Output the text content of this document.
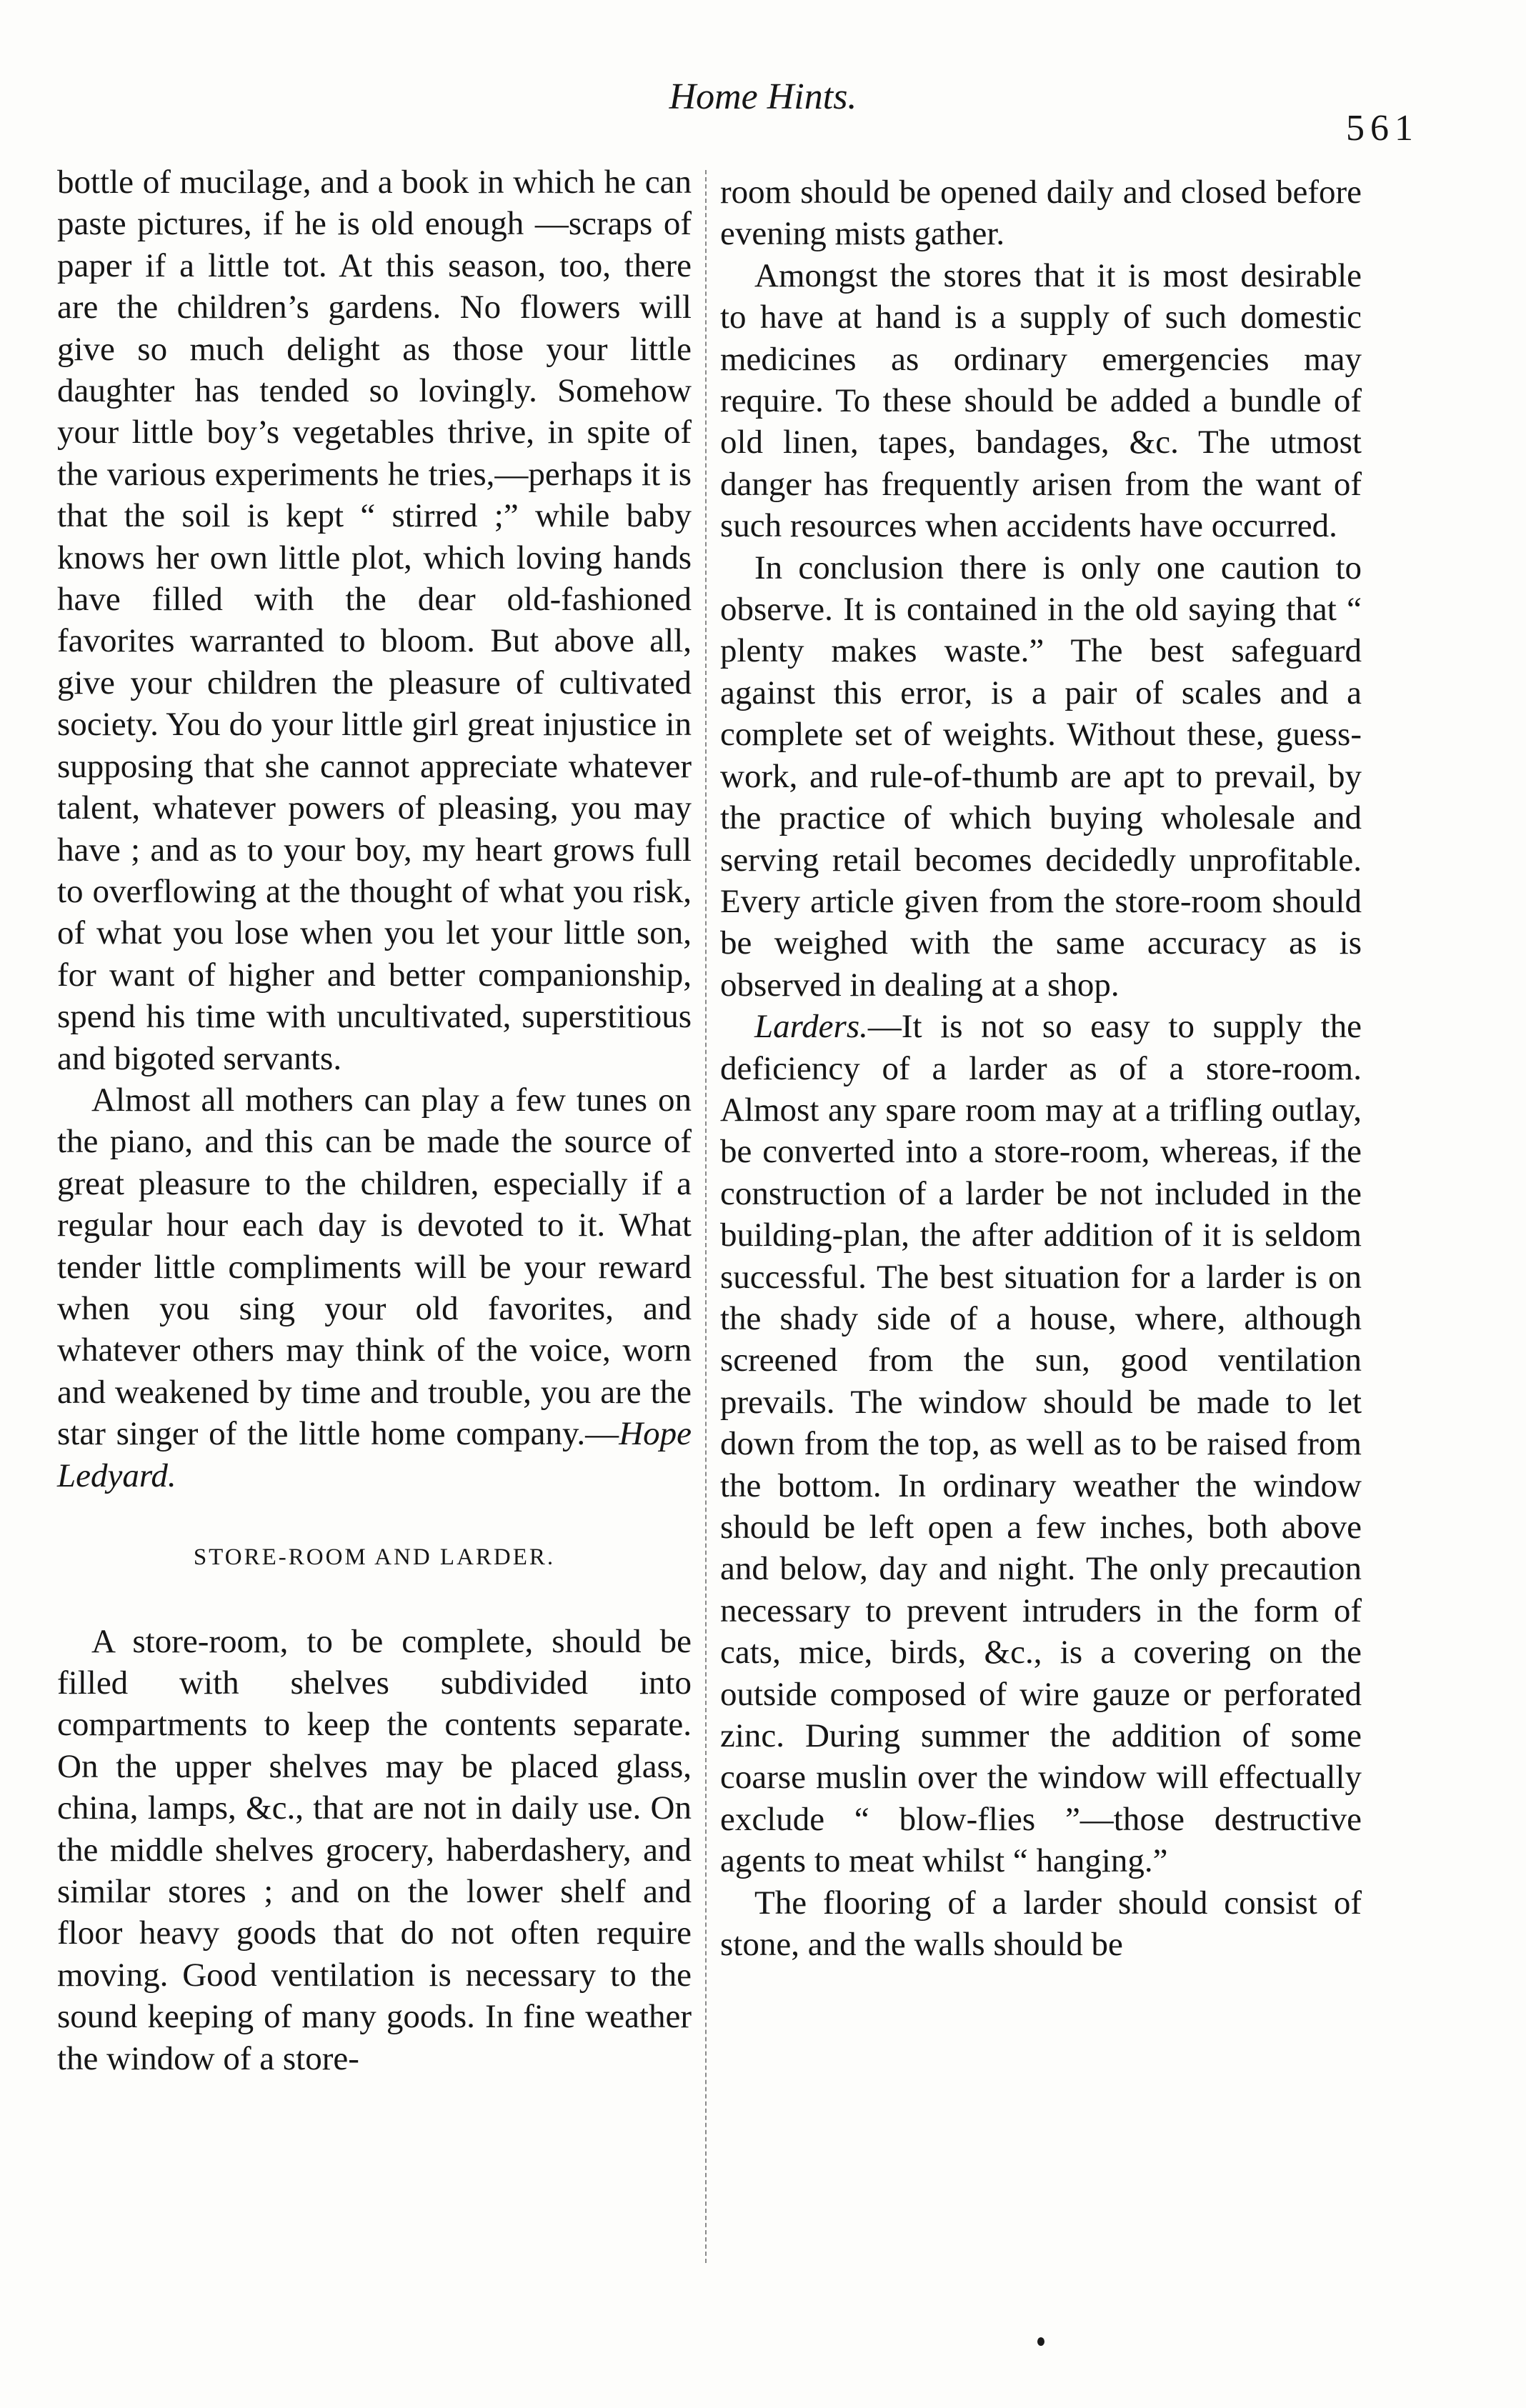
Home Hints.
561

bottle of mucilage, and a book in which he can paste pictures, if he is old enough —scraps of paper if a little tot. At this season, too, there are the children’s gardens. No flowers will give so much delight as those your little daughter has tended so lovingly. Somehow your little boy’s vegetables thrive, in spite of the various experiments he tries,—perhaps it is that the soil is kept “ stirred ;” while baby knows her own little plot, which loving hands have filled with the dear old-fashioned favorites warranted to bloom. But above all, give your children the pleasure of cultivated society. You do your little girl great injustice in supposing that she cannot appreciate whatever talent, whatever powers of pleasing, you may have ; and as to your boy, my heart grows full to overflowing at the thought of what you risk, of what you lose when you let your little son, for want of higher and better companionship, spend his time with uncultivated, superstitious and bigoted servants.

Almost all mothers can play a few tunes on the piano, and this can be made the source of great pleasure to the children, especially if a regular hour each day is devoted to it. What tender little compliments will be your reward when you sing your old favorites, and whatever others may think of the voice, worn and weakened by time and trouble, you are the star singer of the little home company.—Hope Ledyard.

STORE-ROOM AND LARDER.

A store-room, to be complete, should be filled with shelves subdivided into compartments to keep the contents separate. On the upper shelves may be placed glass, china, lamps, &c., that are not in daily use. On the middle shelves grocery, haberdashery, and similar stores ; and on the lower shelf and floor heavy goods that do not often require moving. Good ventilation is necessary to the sound keeping of many goods. In fine weather the window of a store-

room should be opened daily and closed before evening mists gather.

Amongst the stores that it is most desirable to have at hand is a supply of such domestic medicines as ordinary emergencies may require. To these should be added a bundle of old linen, tapes, bandages, &c. The utmost danger has frequently arisen from the want of such resources when accidents have occurred.

In conclusion there is only one caution to observe. It is contained in the old saying that “ plenty makes waste.” The best safeguard against this error, is a pair of scales and a complete set of weights. Without these, guess-work, and rule-of-thumb are apt to prevail, by the practice of which buying wholesale and serving retail becomes decidedly unprofitable. Every article given from the store-room should be weighed with the same accuracy as is observed in dealing at a shop.

Larders.—It is not so easy to supply the deficiency of a larder as of a store-room. Almost any spare room may at a trifling outlay, be converted into a store-room, whereas, if the construction of a larder be not included in the building-plan, the after addition of it is seldom successful. The best situation for a larder is on the shady side of a house, where, although screened from the sun, good ventilation prevails. The window should be made to let down from the top, as well as to be raised from the bottom. In ordinary weather the window should be left open a few inches, both above and below, day and night. The only precaution necessary to prevent intruders in the form of cats, mice, birds, &c., is a covering on the outside composed of wire gauze or perforated zinc. During summer the addition of some coarse muslin over the window will effectually exclude “ blow-flies ”—those destructive agents to meat whilst “ hanging.”

The flooring of a larder should consist of stone, and the walls should be
